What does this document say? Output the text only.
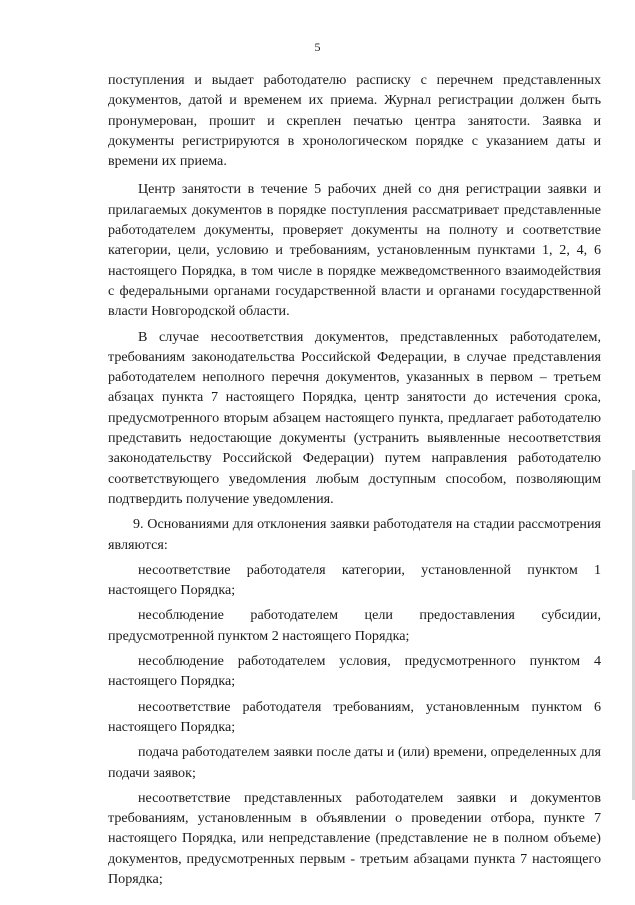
5

поступления и выдает работодателю расписку с перечнем представленных документов, датой и временем их приема. Журнал регистрации должен быть пронумерован, прошит и скреплен печатью центра занятости. Заявка и документы регистрируются в хронологическом порядке с указанием даты и времени их приема.

Центр занятости в течение 5 рабочих дней со дня регистрации заявки и прилагаемых документов в порядке поступления рассматривает представленные работодателем документы, проверяет документы на полноту и соответствие категории, цели, условию и требованиям, установленным пунктами 1, 2, 4, 6 настоящего Порядка, в том числе в порядке межведомственного взаимодействия с федеральными органами государственной власти и органами государственной власти Новгородской области.

В случае несоответствия документов, представленных работодателем, требованиям законодательства Российской Федерации, в случае представления работодателем неполного перечня документов, указанных в первом – третьем абзацах пункта 7 настоящего Порядка, центр занятости до истечения срока, предусмотренного вторым абзацем настоящего пункта, предлагает работодателю представить недостающие документы (устранить выявленные несоответствия законодательству Российской Федерации) путем направления работодателю соответствующего уведомления любым доступным способом, позволяющим подтвердить получение уведомления.

9. Основаниями для отклонения заявки работодателя на стадии рассмотрения являются:

несоответствие работодателя категории, установленной пунктом 1 настоящего Порядка;

несоблюдение работодателем цели предоставления субсидии, предусмотренной пунктом 2 настоящего Порядка;

несоблюдение работодателем условия, предусмотренного пунктом 4 настоящего Порядка;

несоответствие работодателя требованиям, установленным пунктом 6 настоящего Порядка;

подача работодателем заявки после даты и (или) времени, определенных для подачи заявок;

несоответствие представленных работодателем заявки и документов требованиям, установленным в объявлении о проведении отбора, пункте 7 настоящего Порядка, или непредставление (представление не в полном объеме) документов, предусмотренных первым - третьим абзацами пункта 7 настоящего Порядка;
